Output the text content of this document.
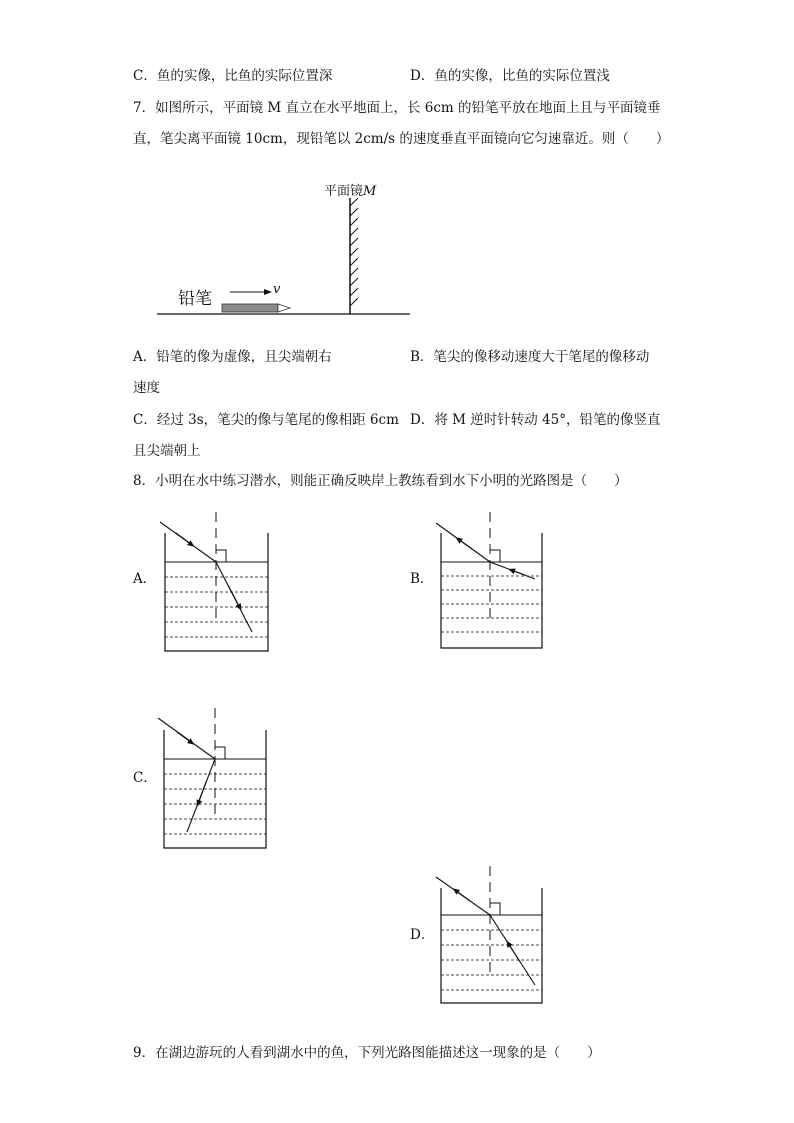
C．鱼的实像，比鱼的实际位置深	D．鱼的实像，比鱼的实际位置浅
7．如图所示，平面镜 M 直立在水平地面上，长 6cm 的铅笔平放在地面上且与平面镜垂
直，笔尖离平面镜 10cm，现铅笔以 2cm/s 的速度垂直平面镜向它匀速靠近。则（　　）
平面镜M
铅笔	v
A．铅笔的像为虚像，且尖端朝右	B．笔尖的像移动速度大于笔尾的像移动
速度
C．经过 3s，笔尖的像与笔尾的像相距 6cm D．将 M 逆时针转动 45°，铅笔的像竖直
且尖端朝上
8．小明在水中练习潜水，则能正确反映岸上教练看到水下小明的光路图是（　　）
A．	B．
C．
D．
9．在湖边游玩的人看到湖水中的鱼，下列光路图能描述这一现象的是（　　）
